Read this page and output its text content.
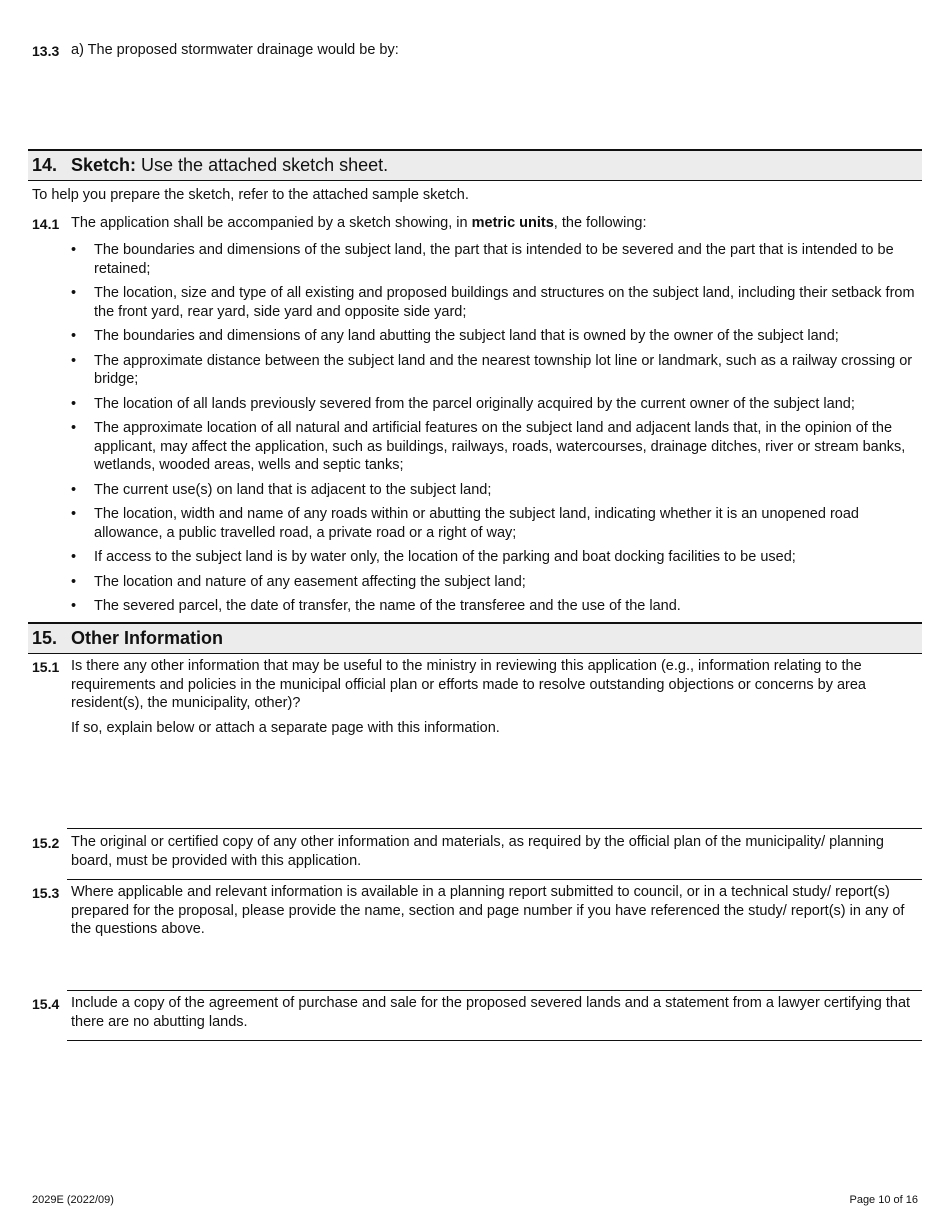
13.3 a) The proposed stormwater drainage would be by:
14. Sketch: Use the attached sketch sheet.
To help you prepare the sketch, refer to the attached sample sketch.
14.1 The application shall be accompanied by a sketch showing, in metric units, the following:
• The boundaries and dimensions of the subject land, the part that is intended to be severed and the part that is intended to be retained;
• The location, size and type of all existing and proposed buildings and structures on the subject land, including their setback from the front yard, rear yard, side yard and opposite side yard;
• The boundaries and dimensions of any land abutting the subject land that is owned by the owner of the subject land;
• The approximate distance between the subject land and the nearest township lot line or landmark, such as a railway crossing or bridge;
• The location of all lands previously severed from the parcel originally acquired by the current owner of the subject land;
• The approximate location of all natural and artificial features on the subject land and adjacent lands that, in the opinion of the applicant, may affect the application, such as buildings, railways, roads, watercourses, drainage ditches, river or stream banks, wetlands, wooded areas, wells and septic tanks;
• The current use(s) on land that is adjacent to the subject land;
• The location, width and name of any roads within or abutting the subject land, indicating whether it is an unopened road allowance, a public travelled road, a private road or a right of way;
• If access to the subject land is by water only, the location of the parking and boat docking facilities to be used;
• The location and nature of any easement affecting the subject land;
• The severed parcel, the date of transfer, the name of the transferee and the use of the land.
15. Other Information
15.1 Is there any other information that may be useful to the ministry in reviewing this application (e.g., information relating to the requirements and policies in the municipal official plan or efforts made to resolve outstanding objections or concerns by area resident(s), the municipality, other)?
If so, explain below or attach a separate page with this information.
15.2 The original or certified copy of any other information and materials, as required by the official plan of the municipality/ planning board, must be provided with this application.
15.3 Where applicable and relevant information is available in a planning report submitted to council, or in a technical study/ report(s) prepared for the proposal, please provide the name, section and page number if you have referenced the study/ report(s) in any of the questions above.
15.4 Include a copy of the agreement of purchase and sale for the proposed severed lands and a statement from a lawyer certifying that there are no abutting lands.
2029E (2022/09)	Page 10 of 16
